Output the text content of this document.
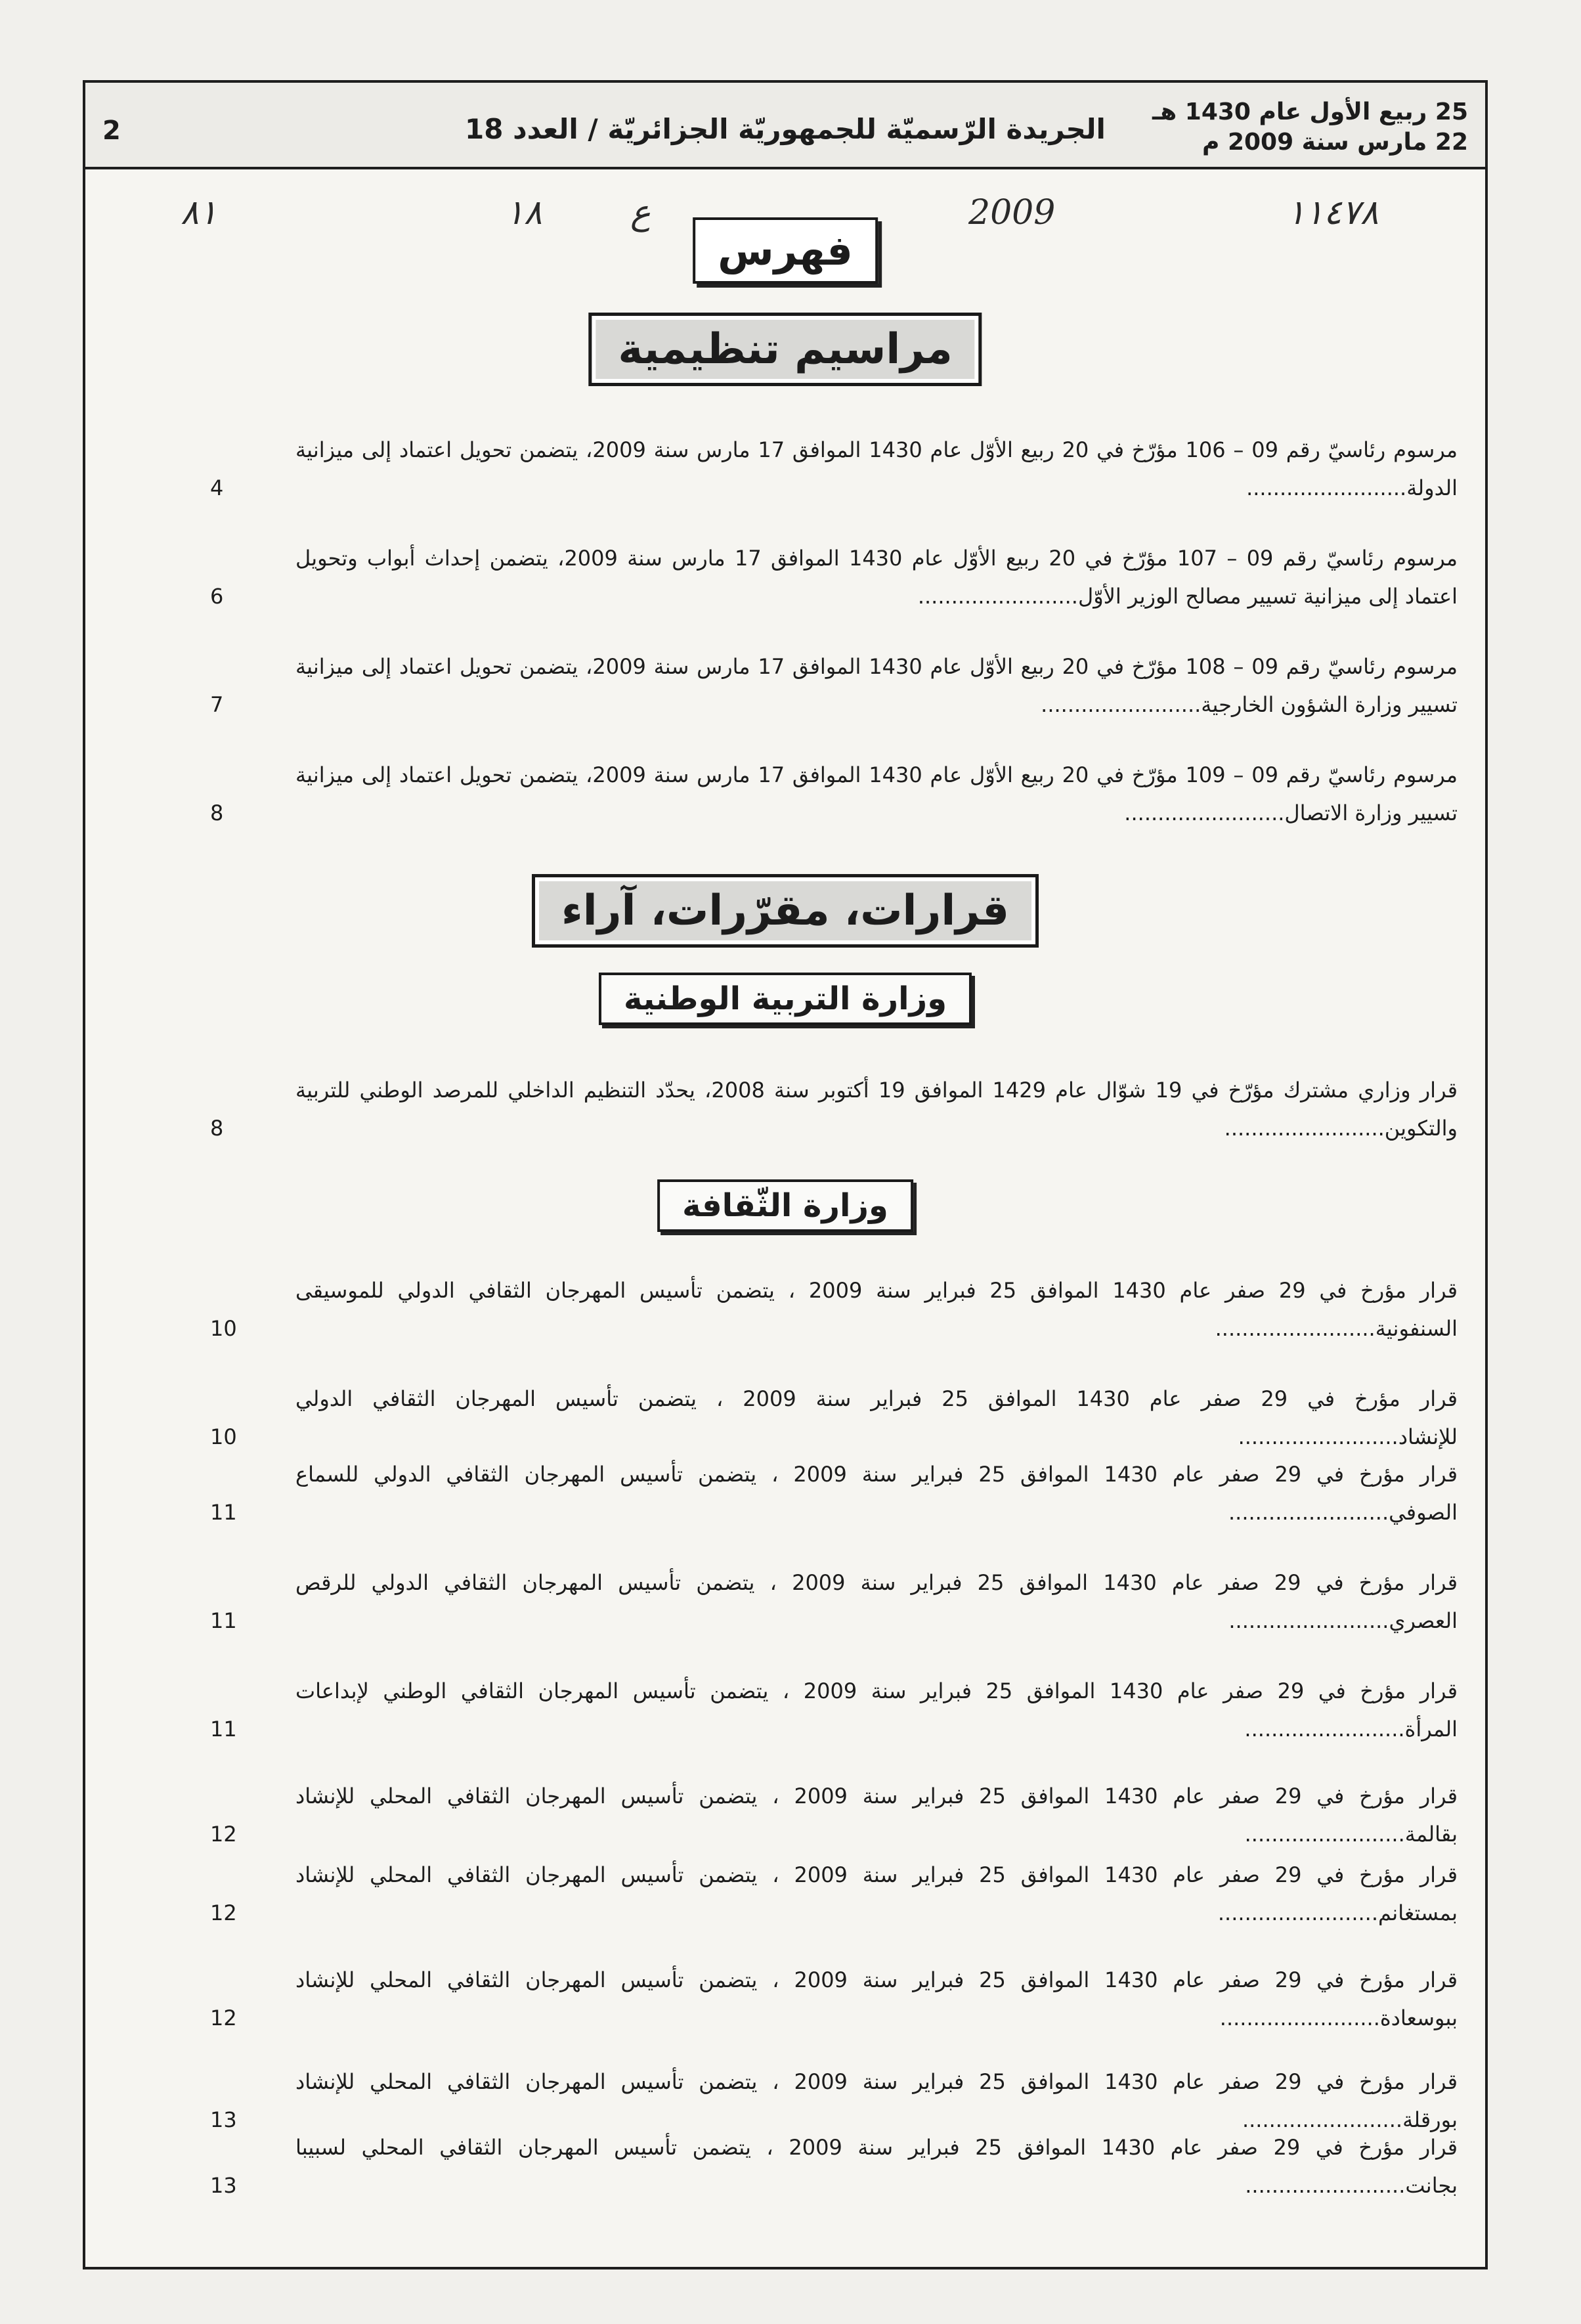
2	الجريدة الرّسميّة للجمهوريّة الجزائريّة / العدد 18
25 ربيع الأول عام 1430 هـ
22 مارس سنة 2009 م
٨١	١٨	ع	2009	١١٤٧٨
فهرس
مراسيم تنظيمية
مرسوم رئاسيّ رقم 09 – 106 مؤرّخ في 20 ربيع الأوّل عام 1430 الموافق 17 مارس سنة 2009، يتضمن تحويل اعتماد إلى ميزانية الدولة........................
4
مرسوم رئاسيّ رقم 09 – 107 مؤرّخ في 20 ربيع الأوّل عام 1430 الموافق 17 مارس سنة 2009، يتضمن إحداث أبواب وتحويل اعتماد إلى ميزانية تسيير مصالح الوزير الأوّل........................
6
مرسوم رئاسيّ رقم 09 – 108 مؤرّخ في 20 ربيع الأوّل عام 1430 الموافق 17 مارس سنة 2009، يتضمن تحويل اعتماد إلى ميزانية تسيير وزارة الشؤون الخارجية........................
7
مرسوم رئاسيّ رقم 09 – 109 مؤرّخ في 20 ربيع الأوّل عام 1430 الموافق 17 مارس سنة 2009، يتضمن تحويل اعتماد إلى ميزانية تسيير وزارة الاتصال........................
8
قرارات، مقرّرات، آراء
وزارة التربية الوطنية
قرار وزاري مشترك مؤرّخ في 19 شوّال عام 1429 الموافق 19 أكتوبر سنة 2008، يحدّد التنظيم الداخلي للمرصد الوطني للتربية والتكوين........................
8
وزارة الثّقافة
قرار مؤرخ في 29 صفر عام 1430 الموافق 25 فبراير سنة 2009 ، يتضمن تأسيس المهرجان الثقافي الدولي للموسيقى السنفونية........................
10
قرار مؤرخ في 29 صفر عام 1430 الموافق 25 فبراير سنة 2009 ، يتضمن تأسيس المهرجان الثقافي الدولي للإنشاد........................
10
قرار مؤرخ في 29 صفر عام 1430 الموافق 25 فبراير سنة 2009 ، يتضمن تأسيس المهرجان الثقافي الدولي للسماع الصوفي........................
11
قرار مؤرخ في 29 صفر عام 1430 الموافق 25 فبراير سنة 2009 ، يتضمن تأسيس المهرجان الثقافي الدولي للرقص العصري........................
11
قرار مؤرخ في 29 صفر عام 1430 الموافق 25 فبراير سنة 2009 ، يتضمن تأسيس المهرجان الثقافي الوطني لإبداعات المرأة........................
11
قرار مؤرخ في 29 صفر عام 1430 الموافق 25 فبراير سنة 2009 ، يتضمن تأسيس المهرجان الثقافي المحلي للإنشاد بقالمة........................
12
قرار مؤرخ في 29 صفر عام 1430 الموافق 25 فبراير سنة 2009 ، يتضمن تأسيس المهرجان الثقافي المحلي للإنشاد بمستغانم........................
12
قرار مؤرخ في 29 صفر عام 1430 الموافق 25 فبراير سنة 2009 ، يتضمن تأسيس المهرجان الثقافي المحلي للإنشاد ببوسعادة........................
12
قرار مؤرخ في 29 صفر عام 1430 الموافق 25 فبراير سنة 2009 ، يتضمن تأسيس المهرجان الثقافي المحلي للإنشاد بورقلة........................
13
قرار مؤرخ في 29 صفر عام 1430 الموافق 25 فبراير سنة 2009 ، يتضمن تأسيس المهرجان الثقافي المحلي لسبيبا بجانت........................
13
